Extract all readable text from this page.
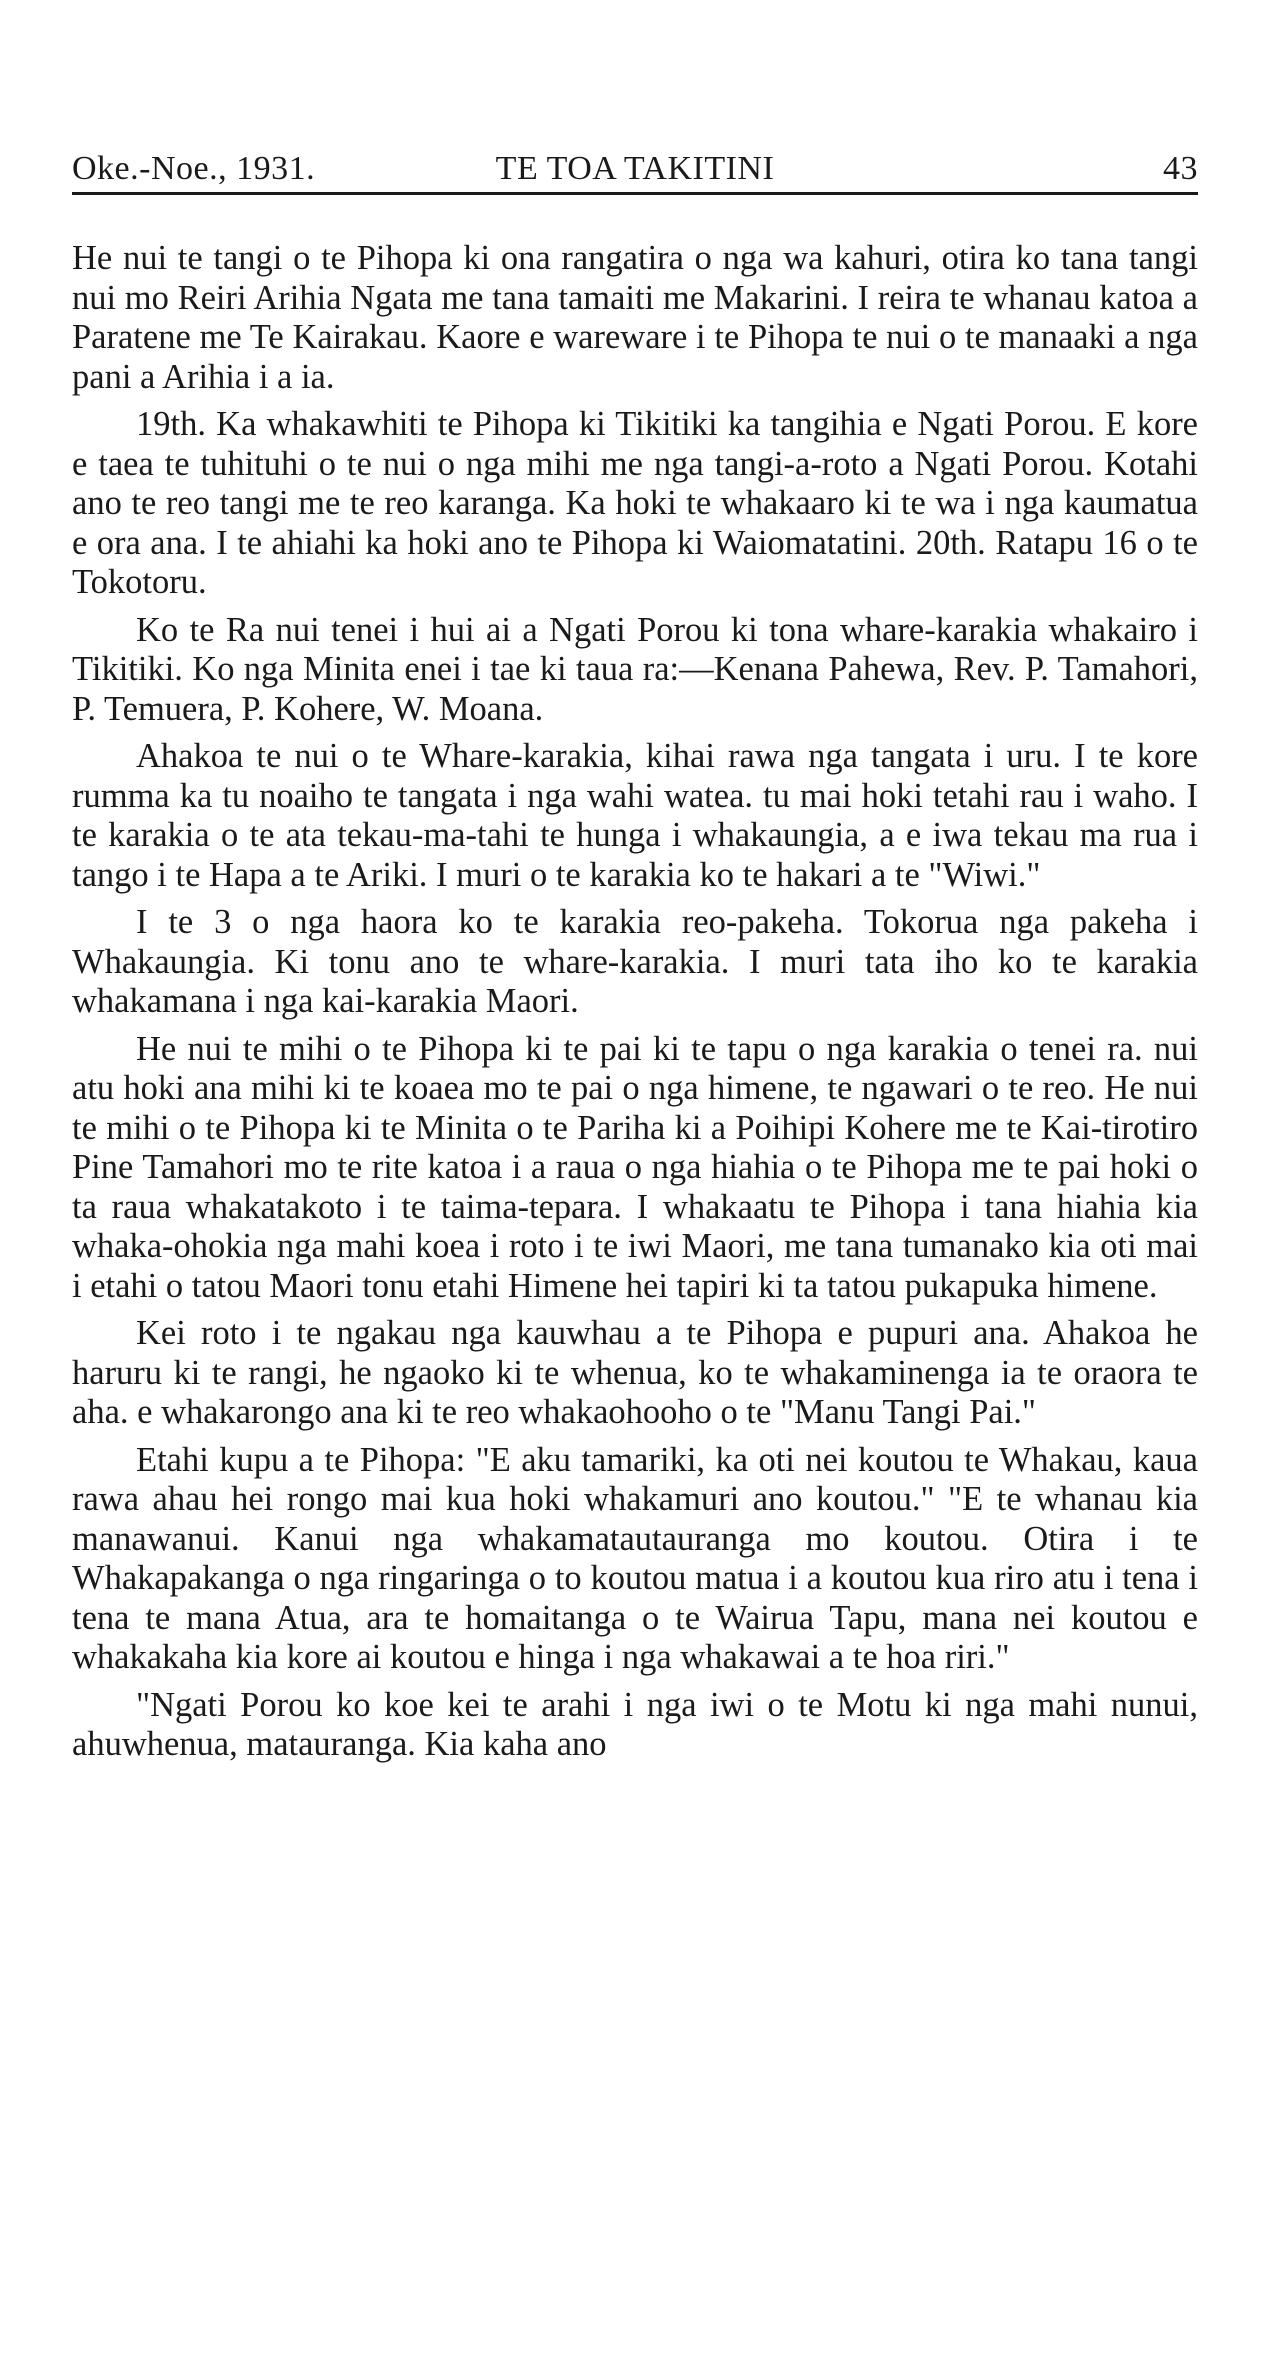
Oke.-Noe., 1931.	TE TOA TAKITINI	43

He nui te tangi o te Pihopa ki ona rangatira o nga wa kahuri, otira ko tana tangi nui mo Reiri Arihia Ngata me tana tamaiti me Makarini. I reira te whanau katoa a Paratene me Te Kairakau. Kaore e wareware i te Pihopa te nui o te manaaki a nga pani a Arihia i a ia.

19th. Ka whakawhiti te Pihopa ki Tikitiki ka tangihia e Ngati Porou. E kore e taea te tuhituhi o te nui o nga mihi me nga tangi-a-roto a Ngati Porou. Kotahi ano te reo tangi me te reo karanga. Ka hoki te whakaaro ki te wa i nga kaumatua e ora ana. I te ahiahi ka hoki ano te Pihopa ki Waiomatatini. 20th. Ratapu 16 o te Tokotoru.

Ko te Ra nui tenei i hui ai a Ngati Porou ki tona whare-karakia whakairo i Tikitiki. Ko nga Minita enei i tae ki taua ra:—Kenana Pahewa, Rev. P. Tamahori, P. Temuera, P. Kohere, W. Moana.

Ahakoa te nui o te Whare-karakia, kihai rawa nga tangata i uru. I te kore rumma ka tu noaiho te tangata i nga wahi watea. tu mai hoki tetahi rau i waho. I te karakia o te ata tekau-ma-tahi te hunga i whakaungia, a e iwa tekau ma rua i tango i te Hapa a te Ariki. I muri o te karakia ko te hakari a te "Wiwi."

I te 3 o nga haora ko te karakia reo-pakeha. Tokorua nga pakeha i Whakaungia. Ki tonu ano te whare-karakia. I muri tata iho ko te karakia whakamana i nga kai-karakia Maori.

He nui te mihi o te Pihopa ki te pai ki te tapu o nga karakia o tenei ra. nui atu hoki ana mihi ki te koaea mo te pai o nga himene, te ngawari o te reo. He nui te mihi o te Pihopa ki te Minita o te Pariha ki a Poihipi Kohere me te Kai-tirotiro Pine Tamahori mo te rite katoa i a raua o nga hiahia o te Pihopa me te pai hoki o ta raua whakatakoto i te taima-tepara. I whakaatu te Pihopa i tana hiahia kia whaka-ohokia nga mahi koea i roto i te iwi Maori, me tana tumanako kia oti mai i etahi o tatou Maori tonu etahi Himene hei tapiri ki ta tatou pukapuka himene.

Kei roto i te ngakau nga kauwhau a te Pihopa e pupuri ana. Ahakoa he haruru ki te rangi, he ngaoko ki te whenua, ko te whakaminenga ia te oraora te aha. e whakarongo ana ki te reo whakaohooho o te "Manu Tangi Pai."

Etahi kupu a te Pihopa: "E aku tamariki, ka oti nei koutou te Whakau, kaua rawa ahau hei rongo mai kua hoki whakamuri ano koutou." "E te whanau kia manawanui. Kanui nga whakamatautauranga mo koutou. Otira i te Whakapakanga o nga ringaringa o to koutou matua i a koutou kua riro atu i tena i tena te mana Atua, ara te homaitanga o te Wairua Tapu, mana nei koutou e whakakaha kia kore ai koutou e hinga i nga whakawai a te hoa riri."

"Ngati Porou ko koe kei te arahi i nga iwi o te Motu ki nga mahi nunui, ahuwhenua, matauranga. Kia kaha ano
